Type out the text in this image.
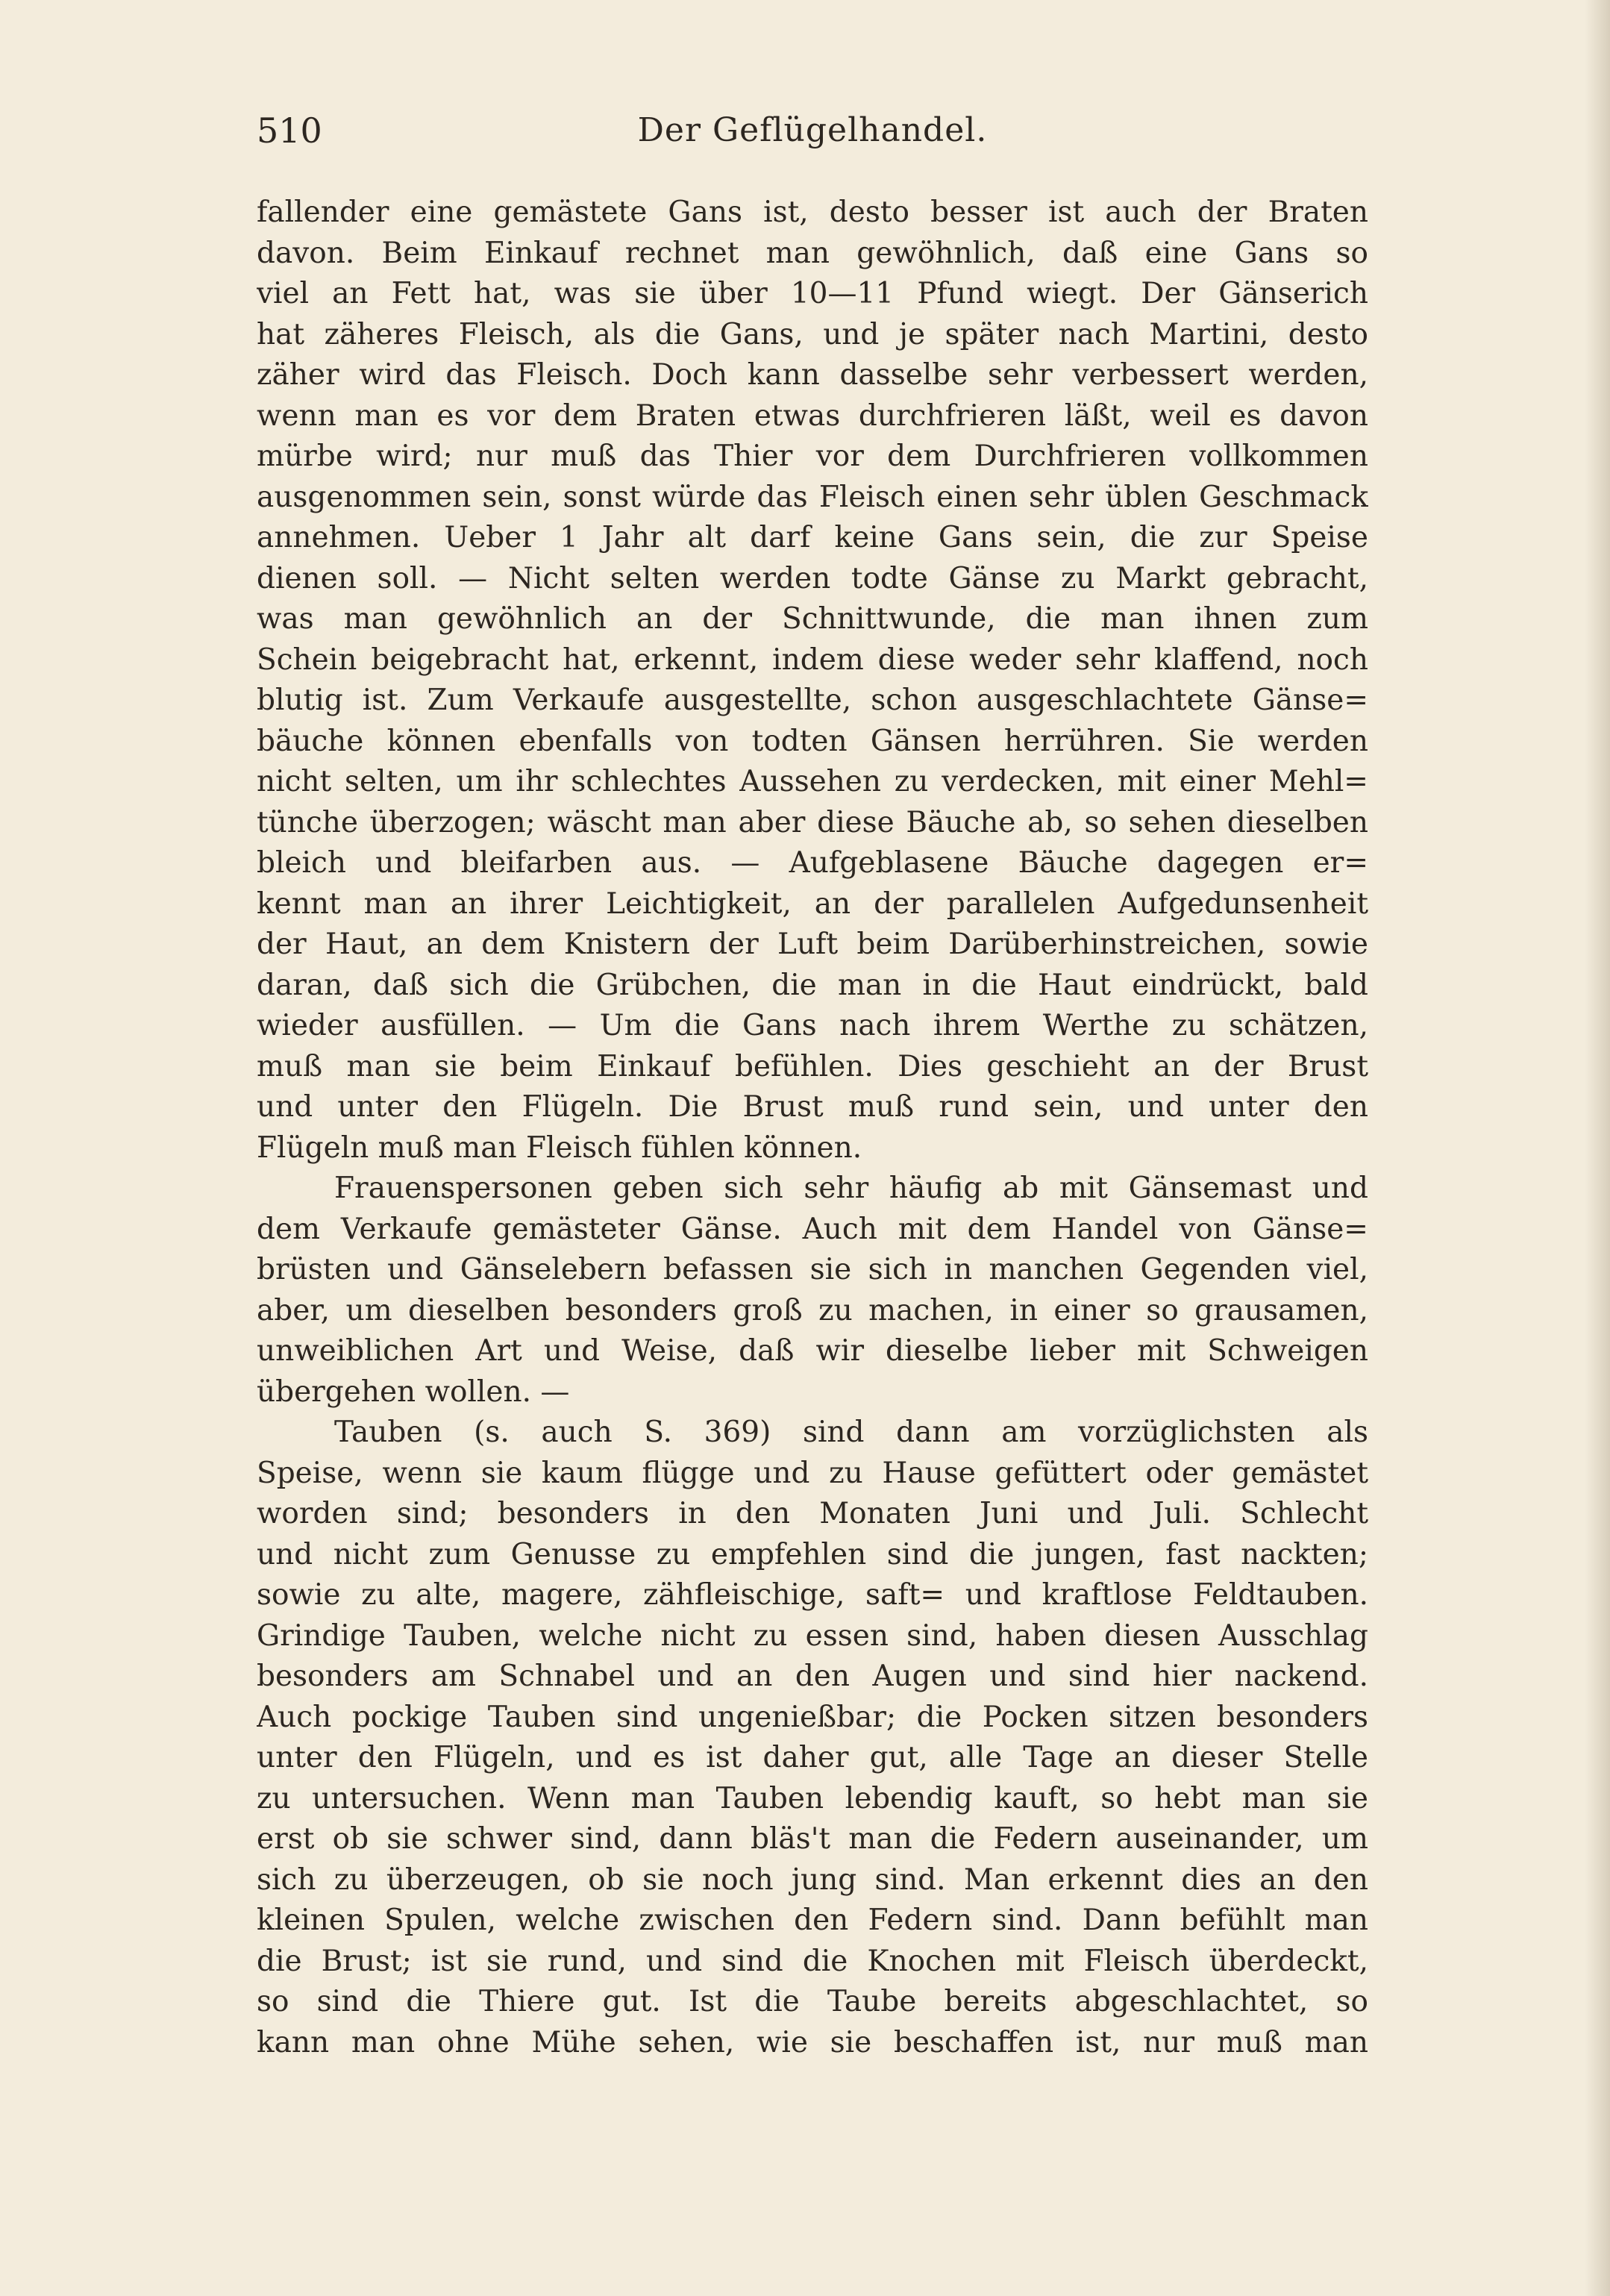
510	Der Geflügelhandel.
fallender eine gemästete Gans ist, desto besser ist auch der Braten
davon. Beim Einkauf rechnet man gewöhnlich, daß eine Gans so
viel an Fett hat, was sie über 10—11 Pfund wiegt. Der Gänserich
hat zäheres Fleisch, als die Gans, und je später nach Martini, desto
zäher wird das Fleisch. Doch kann dasselbe sehr verbessert werden,
wenn man es vor dem Braten etwas durchfrieren läßt, weil es davon
mürbe wird; nur muß das Thier vor dem Durchfrieren vollkommen
ausgenommen sein, sonst würde das Fleisch einen sehr üblen Geschmack
annehmen. Ueber 1 Jahr alt darf keine Gans sein, die zur Speise
dienen soll. — Nicht selten werden todte Gänse zu Markt gebracht,
was man gewöhnlich an der Schnittwunde, die man ihnen zum
Schein beigebracht hat, erkennt, indem diese weder sehr klaffend, noch
blutig ist. Zum Verkaufe ausgestellte, schon ausgeschlachtete Gänse=
bäuche können ebenfalls von todten Gänsen herrühren. Sie werden
nicht selten, um ihr schlechtes Aussehen zu verdecken, mit einer Mehl=
tünche überzogen; wäscht man aber diese Bäuche ab, so sehen dieselben
bleich und bleifarben aus. — Aufgeblasene Bäuche dagegen er=
kennt man an ihrer Leichtigkeit, an der parallelen Aufgedunsenheit
der Haut, an dem Knistern der Luft beim Darüberhinstreichen, sowie
daran, daß sich die Grübchen, die man in die Haut eindrückt, bald
wieder ausfüllen. — Um die Gans nach ihrem Werthe zu schätzen,
muß man sie beim Einkauf befühlen. Dies geschieht an der Brust
und unter den Flügeln. Die Brust muß rund sein, und unter den
Flügeln muß man Fleisch fühlen können.
Frauenspersonen geben sich sehr häufig ab mit Gänsemast und
dem Verkaufe gemästeter Gänse. Auch mit dem Handel von Gänse=
brüsten und Gänselebern befassen sie sich in manchen Gegenden viel,
aber, um dieselben besonders groß zu machen, in einer so grausamen,
unweiblichen Art und Weise, daß wir dieselbe lieber mit Schweigen
übergehen wollen. —
Tauben (s. auch S. 369) sind dann am vorzüglichsten als
Speise, wenn sie kaum flügge und zu Hause gefüttert oder gemästet
worden sind; besonders in den Monaten Juni und Juli. Schlecht
und nicht zum Genusse zu empfehlen sind die jungen, fast nackten;
sowie zu alte, magere, zähfleischige, saft= und kraftlose Feldtauben.
Grindige Tauben, welche nicht zu essen sind, haben diesen Ausschlag
besonders am Schnabel und an den Augen und sind hier nackend.
Auch pockige Tauben sind ungenießbar; die Pocken sitzen besonders
unter den Flügeln, und es ist daher gut, alle Tage an dieser Stelle
zu untersuchen. Wenn man Tauben lebendig kauft, so hebt man sie
erst ob sie schwer sind, dann bläs't man die Federn auseinander, um
sich zu überzeugen, ob sie noch jung sind. Man erkennt dies an den
kleinen Spulen, welche zwischen den Federn sind. Dann befühlt man
die Brust; ist sie rund, und sind die Knochen mit Fleisch überdeckt,
so sind die Thiere gut. Ist die Taube bereits abgeschlachtet, so
kann man ohne Mühe sehen, wie sie beschaffen ist, nur muß man
